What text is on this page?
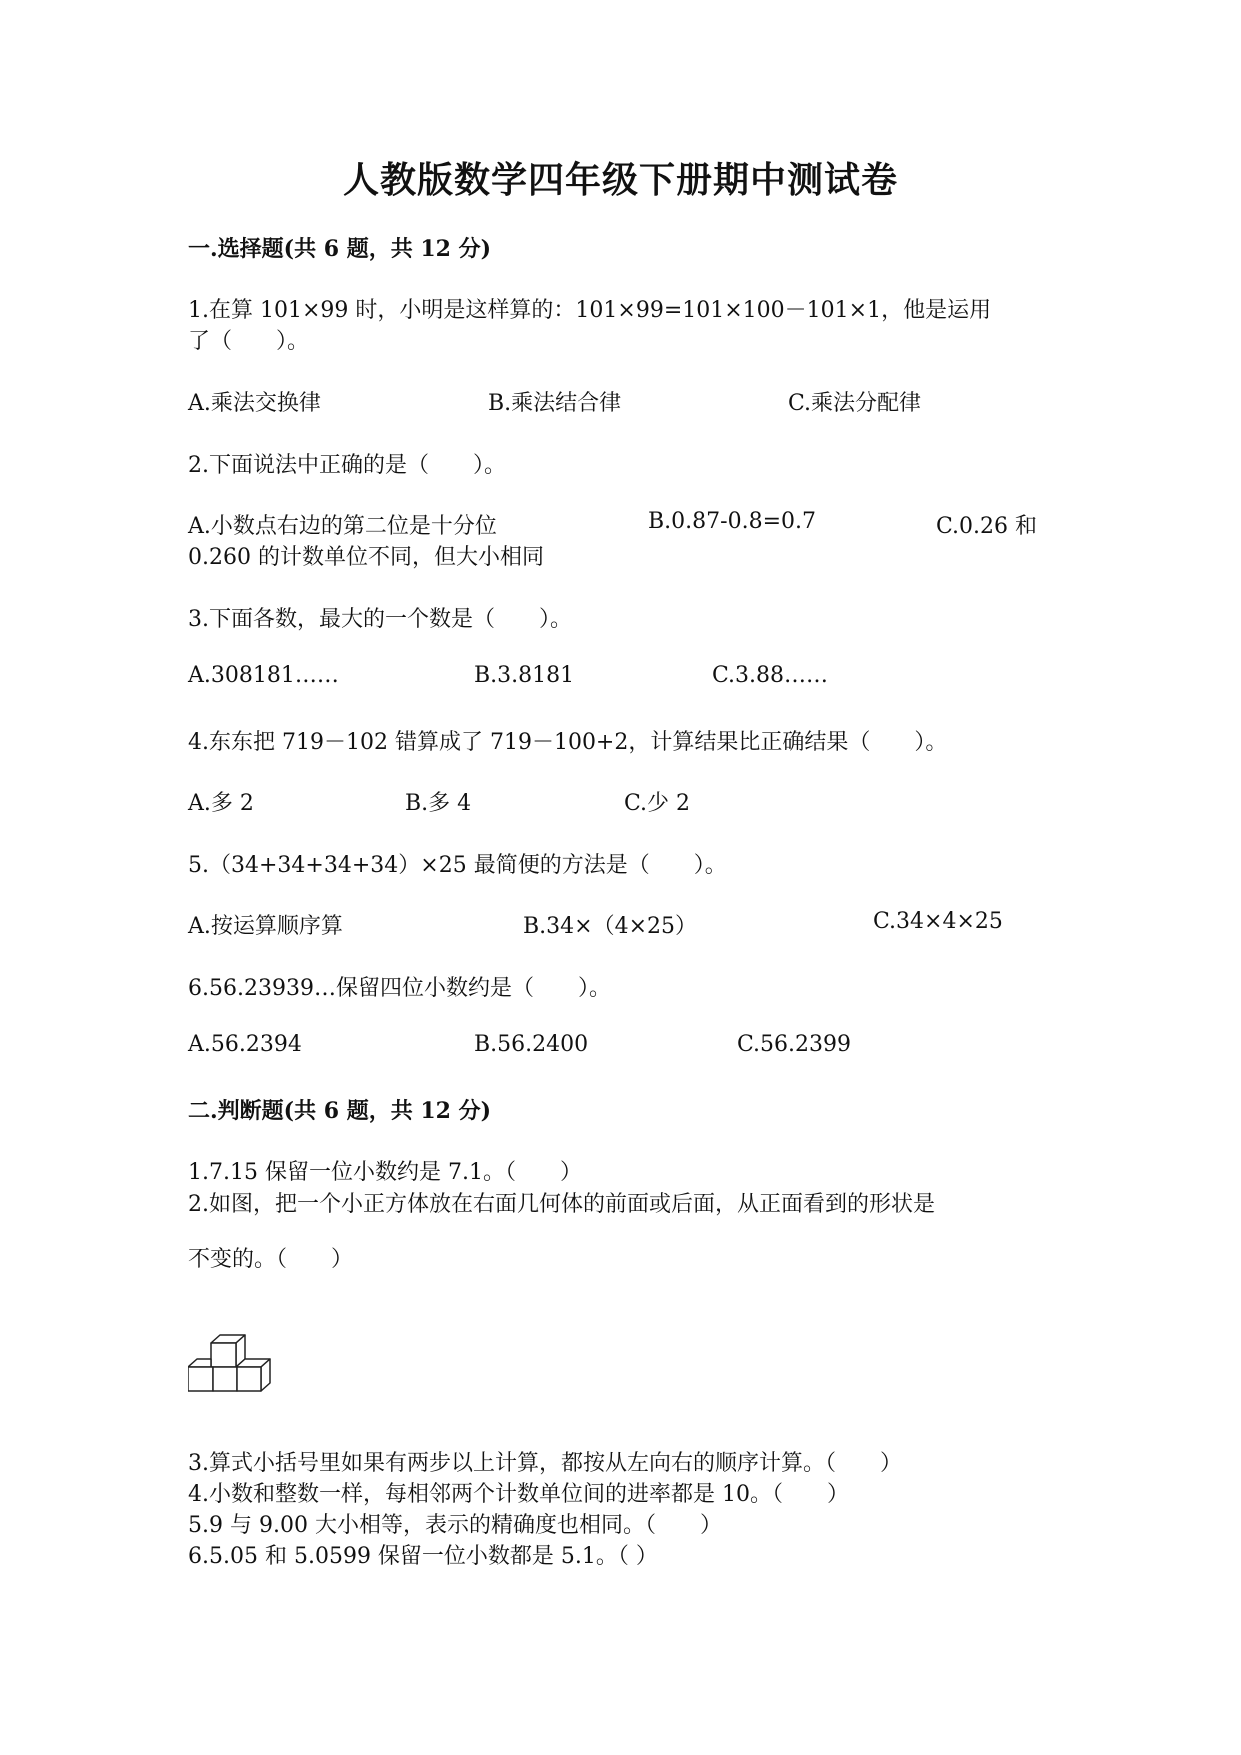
人教版数学四年级下册期中测试卷
一.选择题(共 6 题，共 12 分)
1.在算 101×99 时，小明是这样算的：101×99=101×100－101×1，他是运用
了（　　）。
A.乘法交换律	B.乘法结合律	C.乘法分配律
2.下面说法中正确的是（　　）。
A.小数点右边的第二位是十分位	B.0.87-0.8=0.7	C.0.26 和
0.260 的计数单位不同，但大小相同
3.下面各数，最大的一个数是（　　）。
A.308181……	B.3.8181	C.3.88……
4.东东把 719－102 错算成了 719－100+2，计算结果比正确结果（　　）。
A.多 2	B.多 4	C.少 2
5.（34+34+34+34）×25 最简便的方法是（　　）。
A.按运算顺序算	B.34×（4×25）	C.34×4×25
6.56.23939…保留四位小数约是（　　）。
A.56.2394	B.56.2400	C.56.2399
二.判断题(共 6 题，共 12 分)
1.7.15 保留一位小数约是 7.1。（　　）
2.如图，把一个小正方体放在右面几何体的前面或后面，从正面看到的形状是
不变的。（　　）
3.算式小括号里如果有两步以上计算，都按从左向右的顺序计算。（　　）
4.小数和整数一样，每相邻两个计数单位间的进率都是 10。（　　）
5.9 与 9.00 大小相等，表示的精确度也相同。（　　）
6.5.05 和 5.0599 保留一位小数都是 5.1。（ ）
